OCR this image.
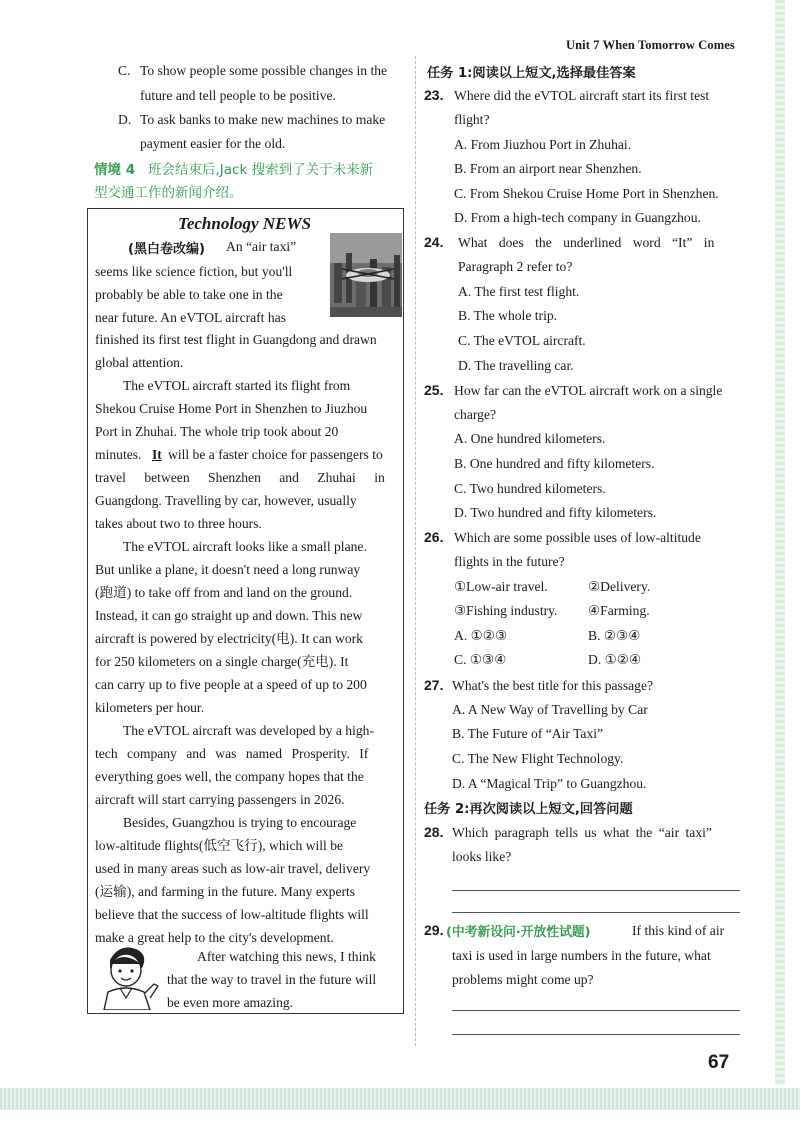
Unit 7 When Tomorrow Comes
C. To show people some possible changes in the
future and tell people to be positive.
D. To ask banks to make new machines to make
payment easier for the old.
情境 4 班会结束后,Jack 搜索到了关于未来新
型交通工作的新闻介绍。
Technology NEWS
(黑白卷改编) An “air taxi”
seems like science fiction, but you'll
probably be able to take one in the
near future. An eVTOL aircraft has
finished its first test flight in Guangdong and drawn
global attention.
The eVTOL aircraft started its flight from
Shekou Cruise Home Port in Shenzhen to Jiuzhou
Port in Zhuhai. The whole trip took about 20
minutes. It will be a faster choice for passengers to
travel between Shenzhen and Zhuhai in
Guangdong. Travelling by car, however, usually
takes about two to three hours.
The eVTOL aircraft looks like a small plane.
But unlike a plane, it doesn't need a long runway
(跑道) to take off from and land on the ground.
Instead, it can go straight up and down. This new
aircraft is powered by electricity(电). It can work
for 250 kilometers on a single charge(充电). It
can carry up to five people at a speed of up to 200
kilometers per hour.
The eVTOL aircraft was developed by a high-
tech company and was named Prosperity. If
everything goes well, the company hopes that the
aircraft will start carrying passengers in 2026.
Besides, Guangzhou is trying to encourage
low-altitude flights(低空飞行), which will be
used in many areas such as low-air travel, delivery
(运输), and farming in the future. Many experts
believe that the success of low-altitude flights will
make a great help to the city's development.
After watching this news, I think
that the way to travel in the future will
be even more amazing.
任务 1:阅读以上短文,选择最佳答案
23. Where did the eVTOL aircraft start its first test
flight?
A. From Jiuzhou Port in Zhuhai.
B. From an airport near Shenzhen.
C. From Shekou Cruise Home Port in Shenzhen.
D. From a high-tech company in Guangzhou.
24. What does the underlined word “It” in
Paragraph 2 refer to?
A. The first test flight.
B. The whole trip.
C. The eVTOL aircraft.
D. The travelling car.
25. How far can the eVTOL aircraft work on a single
charge?
A. One hundred kilometers.
B. One hundred and fifty kilometers.
C. Two hundred kilometers.
D. Two hundred and fifty kilometers.
26. Which are some possible uses of low-altitude
flights in the future?
①Low-air travel.	②Delivery.
③Fishing industry. ④Farming.
A. ①②③	B. ②③④
C. ①③④	D. ①②④
27. What's the best title for this passage?
A. A New Way of Travelling by Car
B. The Future of “Air Taxi”
C. The New Flight Technology.
D. A “Magical Trip” to Guangzhou.
任务 2:再次阅读以上短文,回答问题
28. Which paragraph tells us what the “air taxi”
looks like?
29. (中考新设问·开放性试题)	If this kind of air
taxi is used in large numbers in the future, what
problems might come up?
67
